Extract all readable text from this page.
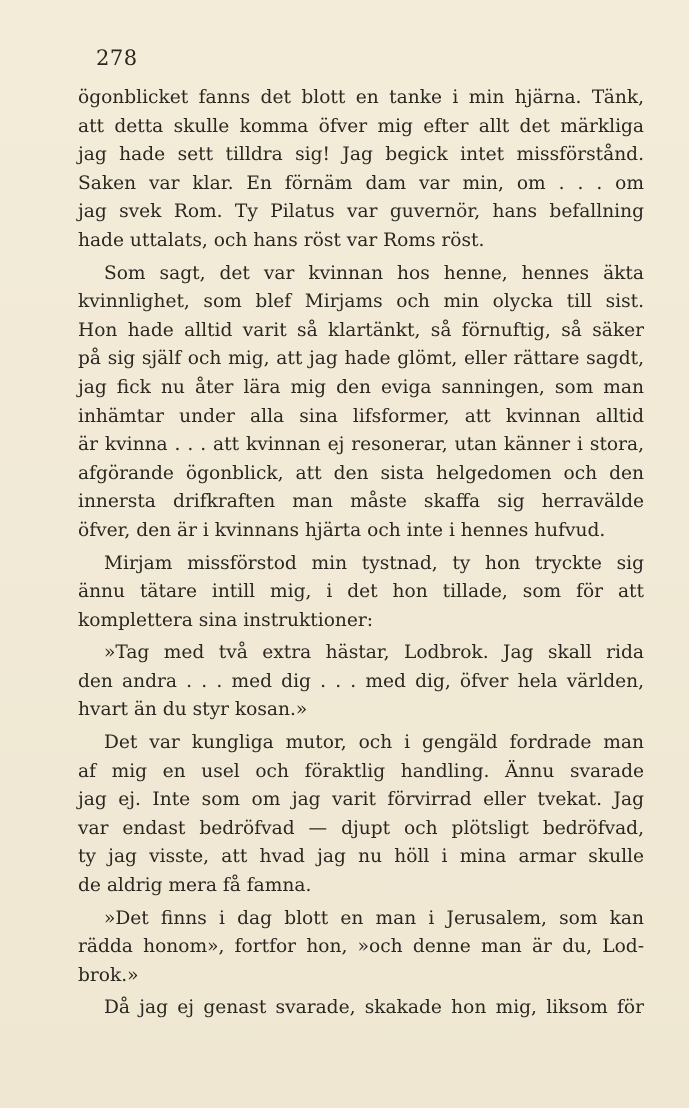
278
ögonblicket fanns det blott en tanke i min hjärna. Tänk,
att detta skulle komma öfver mig efter allt det märkliga
jag hade sett tilldra sig! Jag begick intet missförstånd.
Saken var klar. En förnäm dam var min, om . . . om
jag svek Rom. Ty Pilatus var guvernör, hans befallning
hade uttalats, och hans röst var Roms röst.
Som sagt, det var kvinnan hos henne, hennes äkta
kvinnlighet, som blef Mirjams och min olycka till sist.
Hon hade alltid varit så klartänkt, så förnuftig, så säker
på sig själf och mig, att jag hade glömt, eller rättare sagdt,
jag fick nu åter lära mig den eviga sanningen, som man
inhämtar under alla sina lifsformer, att kvinnan alltid
är kvinna . . . att kvinnan ej resonerar, utan känner i stora,
afgörande ögonblick, att den sista helgedomen och den
innersta drifkraften man måste skaffa sig herravälde
öfver, den är i kvinnans hjärta och inte i hennes hufvud.
Mirjam missförstod min tystnad, ty hon tryckte sig
ännu tätare intill mig, i det hon tillade, som för att
komplettera sina instruktioner:
»Tag med två extra hästar, Lodbrok. Jag skall rida
den andra . . . med dig . . . med dig, öfver hela världen,
hvart än du styr kosan.»
Det var kungliga mutor, och i gengäld fordrade man
af mig en usel och föraktlig handling. Ännu svarade
jag ej. Inte som om jag varit förvirrad eller tvekat. Jag
var endast bedröfvad — djupt och plötsligt bedröfvad,
ty jag visste, att hvad jag nu höll i mina armar skulle
de aldrig mera få famna.
»Det finns i dag blott en man i Jerusalem, som kan
rädda honom», fortfor hon, »och denne man är du, Lod-
brok.»
Då jag ej genast svarade, skakade hon mig, liksom för
